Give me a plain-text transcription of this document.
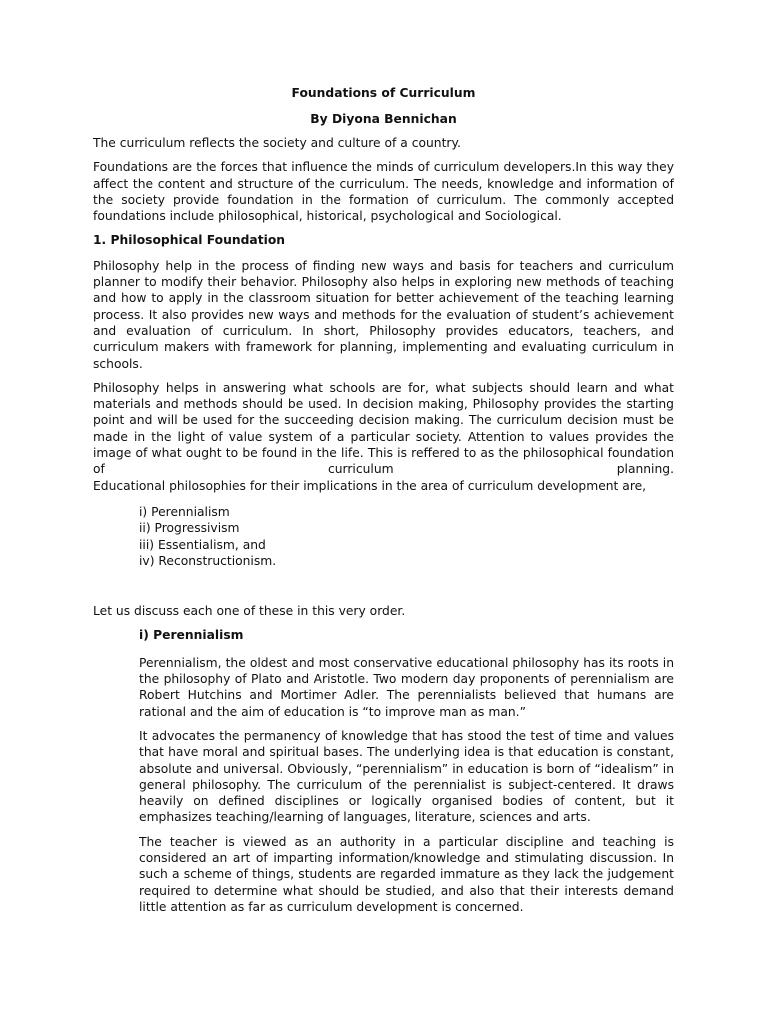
Foundations of Curriculum
By Diyona Bennichan

The curriculum reflects the society and culture of a country.

Foundations are the forces that influence the minds of curriculum developers.In this way they affect the content and structure of the curriculum. The needs, knowledge and information of the society provide foundation in the formation of curriculum. The commonly accepted foundations include philosophical, historical, psychological and Sociological.

1. Philosophical Foundation

Philosophy help in the process of finding new ways and basis for teachers and curriculum planner to modify their behavior. Philosophy also helps in exploring new methods of teaching and how to apply in the classroom situation for better achievement of the teaching learning process. It also provides new ways and methods for the evaluation of student’s achievement and evaluation of curriculum. In short, Philosophy provides educators, teachers, and curriculum makers with framework for planning, implementing and evaluating curriculum in schools.

Philosophy helps in answering what schools are for, what subjects should learn and what materials and methods should be used. In decision making, Philosophy provides the starting point and will be used for the succeeding decision making. The curriculum decision must be made in the light of value system of a particular society. Attention to values provides the image of what ought to be found in the life. This is reffered to as the philosophical foundation of curriculum planning.

Educational philosophies for their implications in the area of curriculum development are,

i) Perennialism
ii) Progressivism
iii) Essentialism, and
iv) Reconstructionism.

Let us discuss each one of these in this very order.

i) Perennialism

Perennialism, the oldest and most conservative educational philosophy has its roots in the philosophy of Plato and Aristotle. Two modern day proponents of perennialism are Robert Hutchins and Mortimer Adler. The perennialists believed that humans are rational and the aim of education is “to improve man as man.”

It advocates the permanency of knowledge that has stood the test of time and values that have moral and spiritual bases. The underlying idea is that education is constant, absolute and universal. Obviously, “perennialism” in education is born of “idealism” in general philosophy. The curriculum of the perennialist is subject-centered. It draws heavily on defined disciplines or logically organised bodies of content, but it emphasizes teaching/learning of languages, literature, sciences and arts.

The teacher is viewed as an authority in a particular discipline and teaching is considered an art of imparting information/knowledge and stimulating discussion. In such a scheme of things, students are regarded immature as they lack the judgement required to determine what should be studied, and also that their interests demand little attention as far as curriculum development is concerned.
